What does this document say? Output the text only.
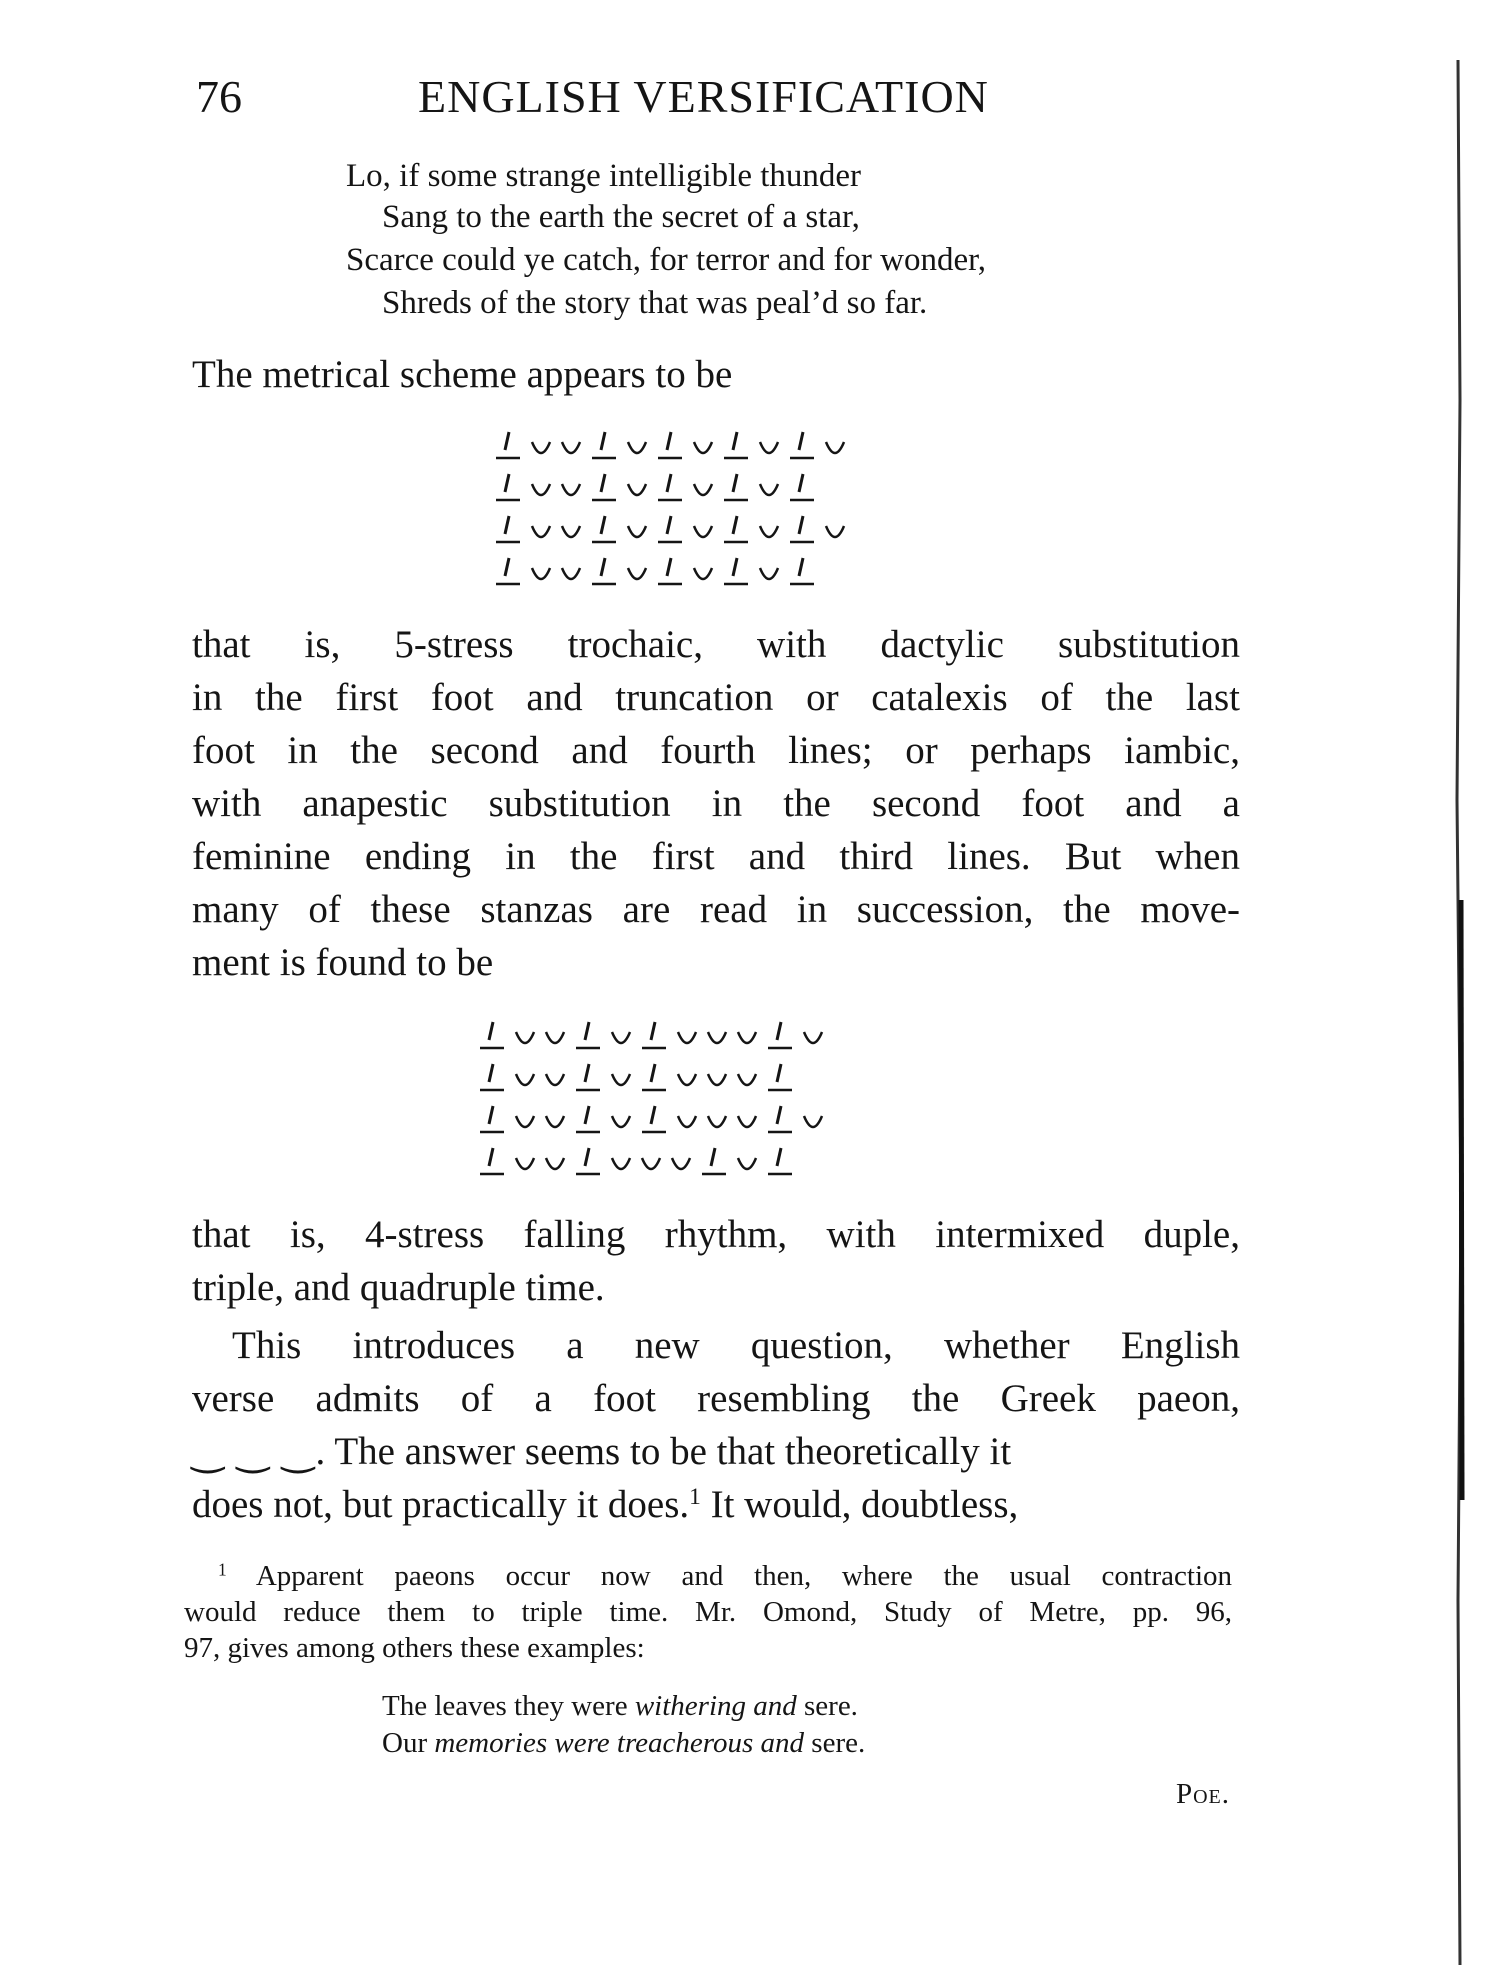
76	ENGLISH VERSIFICATION
Lo, if some strange intelligible thunder
Sang to the earth the secret of a star,
Scarce could ye catch, for terror and for wonder,
Shreds of the story that was peal’d so far.
The metrical scheme appears to be
that is, 5-stress trochaic, with dactylic substitution
in the first foot and truncation or catalexis of the last
foot in the second and fourth lines; or perhaps iambic,
with anapestic substitution in the second foot and a
feminine ending in the first and third lines. But when
many of these stanzas are read in succession, the move-
ment is found to be
that is, 4-stress falling rhythm, with intermixed duple,
triple, and quadruple time.
This introduces a new question, whether English
verse admits of a foot resembling the Greek paeon,
‿ ‿ ‿. The answer seems to be that theoretically it
does not, but practically it does.$^1$ It would, doubtless,
$^1$ Apparent paeons occur now and then, where the usual contraction
would reduce them to triple time. Mr. Omond, Study of Metre, pp. 96,
97, gives among others these examples:
The leaves they were withering and sere.
Our memories were treacherous and sere.
Poe.
